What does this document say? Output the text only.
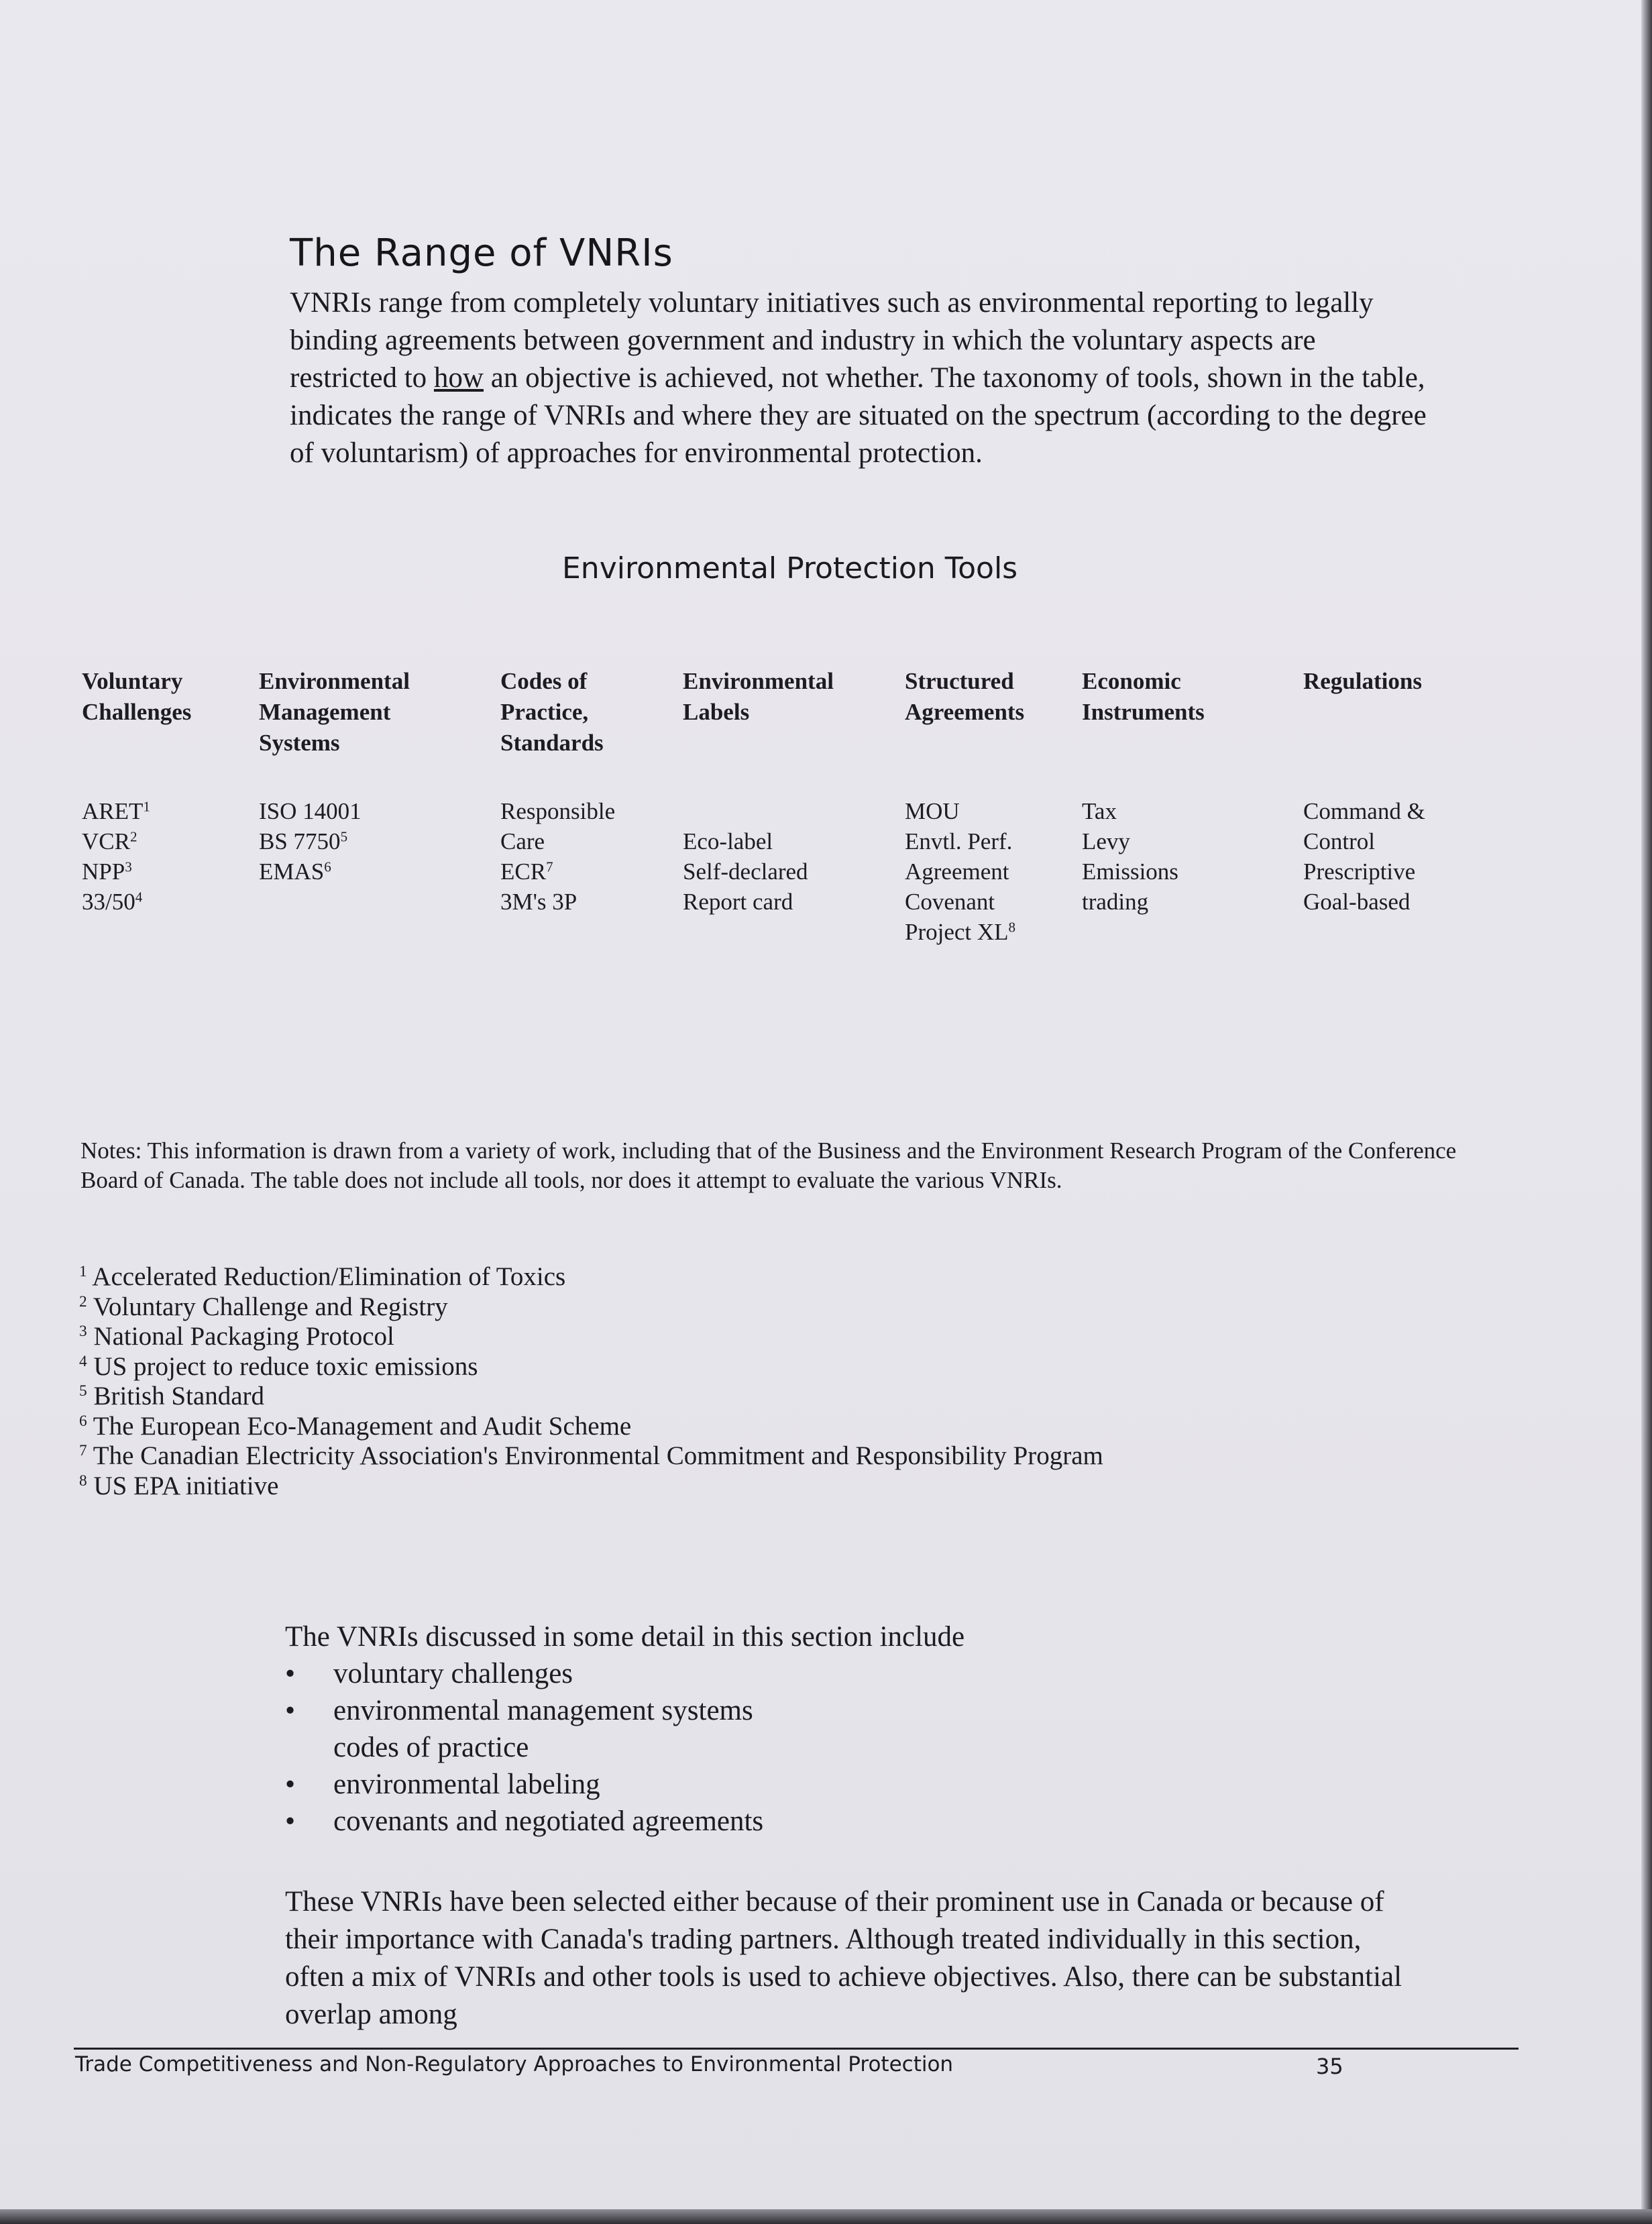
The Range of VNRIs

VNRIs range from completely voluntary initiatives such as environmental reporting to legally binding agreements between government and industry in which the voluntary aspects are restricted to how an objective is achieved, not whether. The taxonomy of tools, shown in the table, indicates the range of VNRIs and where they are situated on the spectrum (according to the degree of voluntarism) of approaches for environmental protection.

Environmental Protection Tools
Voluntary
Challenges
Environmental
Management
Systems
Codes of
Practice,
Standards
Environmental
Labels
Structured
Agreements
Economic
Instruments
Regulations
ARET$^1$
VCR$^2$
NPP$^3$
$33/50^4$
ISO 14001
BS 7750$^5$
EMAS$^6$
Responsible
Care
ECR$^7$
3M's 3P

Eco-label
Self-declared
Report card
MOU
Envtl. Perf.
Agreement
Covenant
Project $XL^8$
Tax
Levy
Emissions
trading
Command &
Control
Prescriptive
Goal-based

Notes: This information is drawn from a variety of work, including that of the Business and the Environment Research Program of the Conference Board of Canada. The table does not include all tools, nor does it attempt to evaluate the various VNRIs.

$^1$ Accelerated Reduction/Elimination of Toxics
$^2$ Voluntary Challenge and Registry
$^3$ National Packaging Protocol
$^4$ US project to reduce toxic emissions
$^5$ British Standard
$^6$ The European Eco-Management and Audit Scheme
$^7$ The Canadian Electricity Association's Environmental Commitment and Responsibility Program
$^8$ US EPA initiative
The VNRIs discussed in some detail in this section include
• voluntary challenges
• environmental management systems
codes of practice
• environmental labeling
• covenants and negotiated agreements

These VNRIs have been selected either because of their prominent use in Canada or because of their importance with Canada's trading partners. Although treated individually in this section, often a mix of VNRIs and other tools is used to achieve objectives. Also, there can be substantial overlap among

Trade Competitiveness and Non-Regulatory Approaches to Environmental Protection	35
